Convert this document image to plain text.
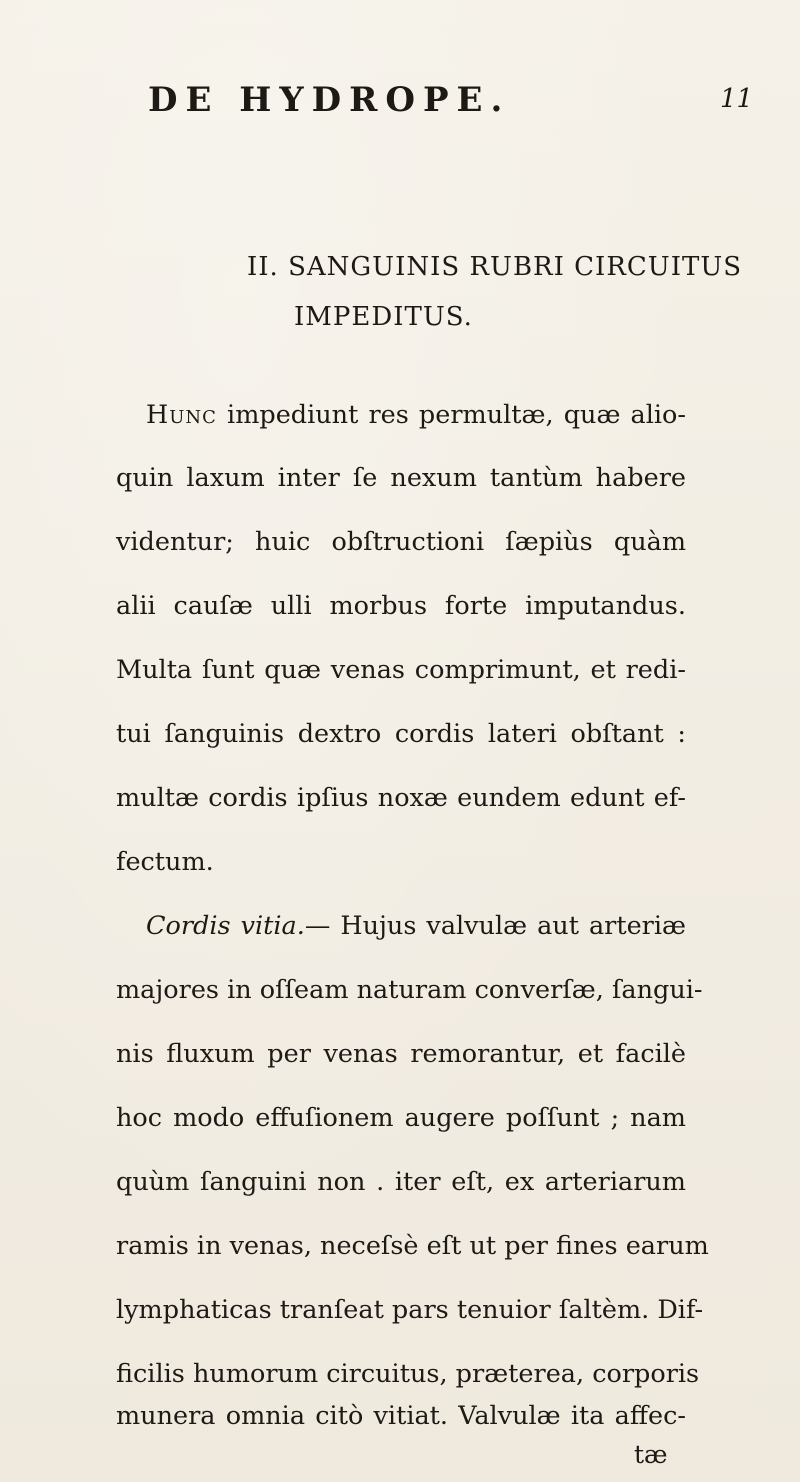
DE HYDROPE.	11
II. SANGUINIS RUBRI CIRCUITUS
IMPEDITUS.
Hunc impediunt res permultæ, quæ alio-
quin laxum inter ſe nexum tantùm habere
videntur; huic obſtructioni ſæpiùs quàm
alii cauſæ ulli morbus forte imputandus.
Multa ſunt quæ venas comprimunt, et redi-
tui ſanguinis dextro cordis lateri obſtant :
multæ cordis ipſius noxæ eundem edunt ef-
fectum.
Cordis vitia.— Hujus valvulæ aut arteriæ
majores in oſſeam naturam converſæ, ſangui-
nis fluxum per venas remorantur, et facilè
hoc modo effuſionem augere poſſunt ; nam
quùm ſanguini non . iter eſt, ex arteriarum
ramis in venas, neceſsè eſt ut per fines earum
lymphaticas tranſeat pars tenuior ſaltèm. Dif-
ficilis humorum circuitus, præterea, corporis
tæ
munera omnia citò vitiat. Valvulæ ita affec-
